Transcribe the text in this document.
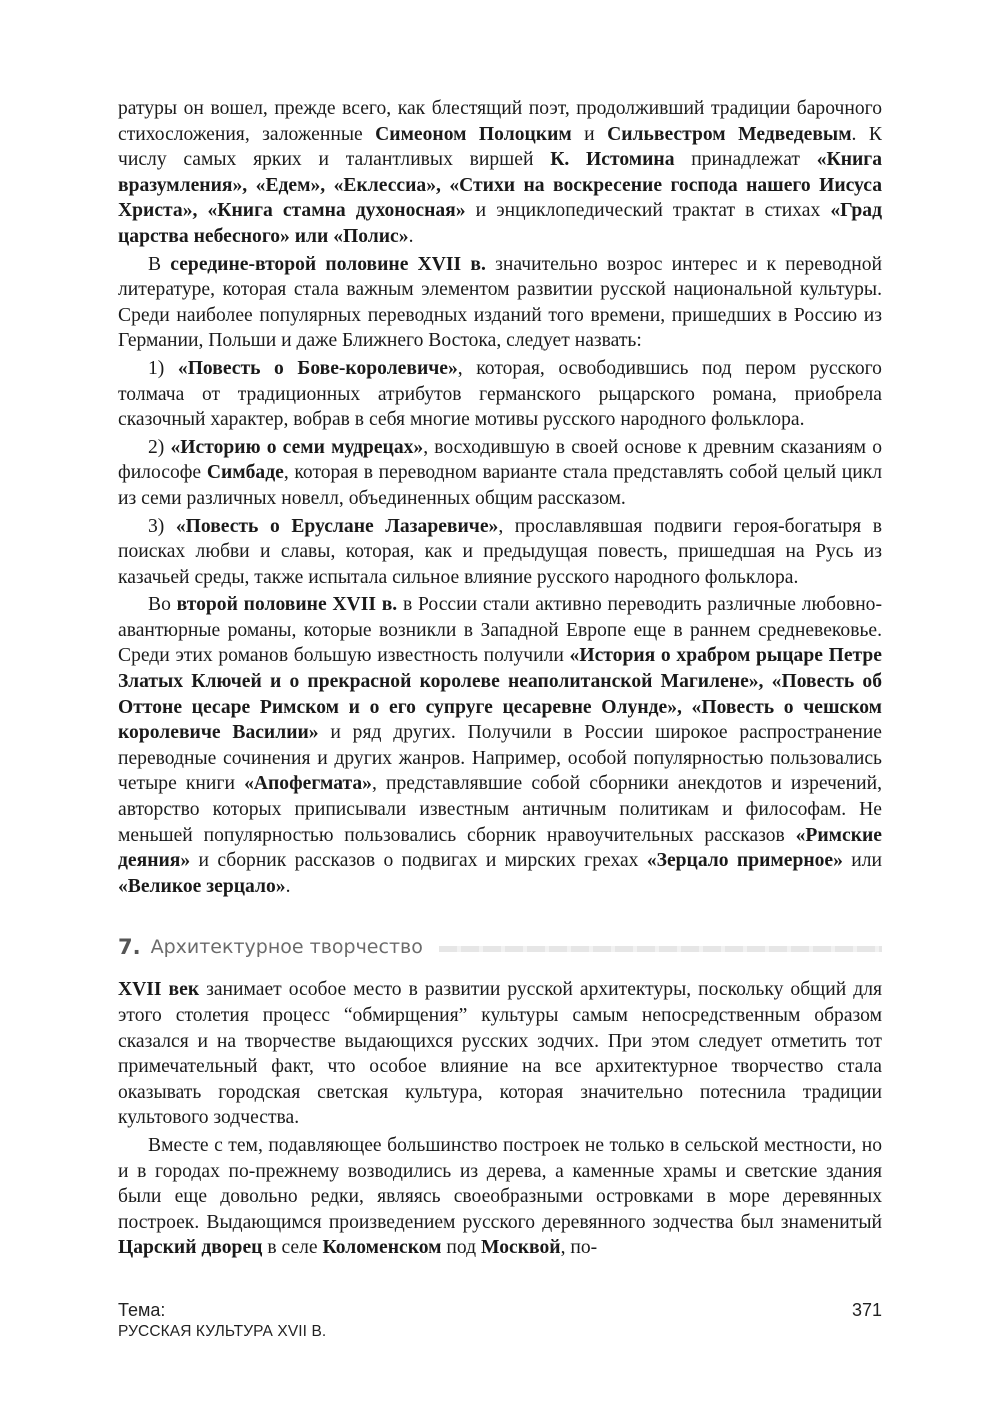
ратуры он вошел, прежде всего, как блестящий поэт, продолживший традиции барочного стихосложения, заложенные Симеоном Полоцким и Сильвестром Медведевым. К числу самых ярких и талантливых виршей К. Истомина принадлежат «Книга вразумления», «Едем», «Еклессиа», «Стихи на воскресение господа нашего Иисуса Христа», «Книга стамна духоносная» и энциклопедический трактат в стихах «Град царства небесного» или «Полис».

В середине-второй половине XVII в. значительно возрос интерес и к переводной литературе, которая стала важным элементом развитии русской национальной культуры. Среди наиболее популярных переводных изданий того времени, пришедших в Россию из Германии, Польши и даже Ближнего Востока, следует назвать:

1) «Повесть о Бове-королевиче», которая, освободившись под пером русского толмача от традиционных атрибутов германского рыцарского романа, приобрела сказочный характер, вобрав в себя многие мотивы русского народного фольклора.

2) «Историю о семи мудрецах», восходившую в своей основе к древним сказаниям о философе Симбаде, которая в переводном варианте стала представлять собой целый цикл из семи различных новелл, объединенных общим рассказом.

3) «Повесть о Еруслане Лазаревиче», прославлявшая подвиги героя-богатыря в поисках любви и славы, которая, как и предыдущая повесть, пришедшая на Русь из казачьей среды, также испытала сильное влияние русского народного фольклора.

Во второй половине XVII в. в России стали активно переводить различные любовно-авантюрные романы, которые возникли в Западной Европе еще в раннем средневековье. Среди этих романов большую известность получили «История о храбром рыцаре Петре Златых Ключей и о прекрасной королеве неаполитанской Магилене», «Повесть об Оттоне цесаре Римском и о его супруге цесаревне Олунде», «Повесть о чешском королевиче Василии» и ряд других. Получили в России широкое распространение переводные сочинения и других жанров. Например, особой популярностью пользовались четыре книги «Апофегмата», представлявшие собой сборники анекдотов и изречений, авторство которых приписывали известным античным политикам и философам. Не меньшей популярностью пользовались сборник нравоучительных рассказов «Римские деяния» и сборник рассказов о подвигах и мирских грехах «Зерцало примерное» или «Великое зерцало».

7. Архитектурное творчество

XVII век занимает особое место в развитии русской архитектуры, поскольку общий для этого столетия процесс “обмирщения” культуры самым непосредственным образом сказался и на творчестве выдающихся русских зодчих. При этом следует отметить тот примечательный факт, что особое влияние на все архитектурное творчество стала оказывать городская светская культура, которая значительно потеснила традиции культового зодчества.

Вместе с тем, подавляющее большинство построек не только в сельской местности, но и в городах по-прежнему возводились из дерева, а каменные храмы и светские здания были еще довольно редки, являясь своеобразными островками в море деревянных построек. Выдающимся произведением русского деревянного зодчества был знаменитый Царский дворец в селе Коломенском под Москвой, по-

Тема:
РУССКАЯ КУЛЬТУРА XVII В.
371
